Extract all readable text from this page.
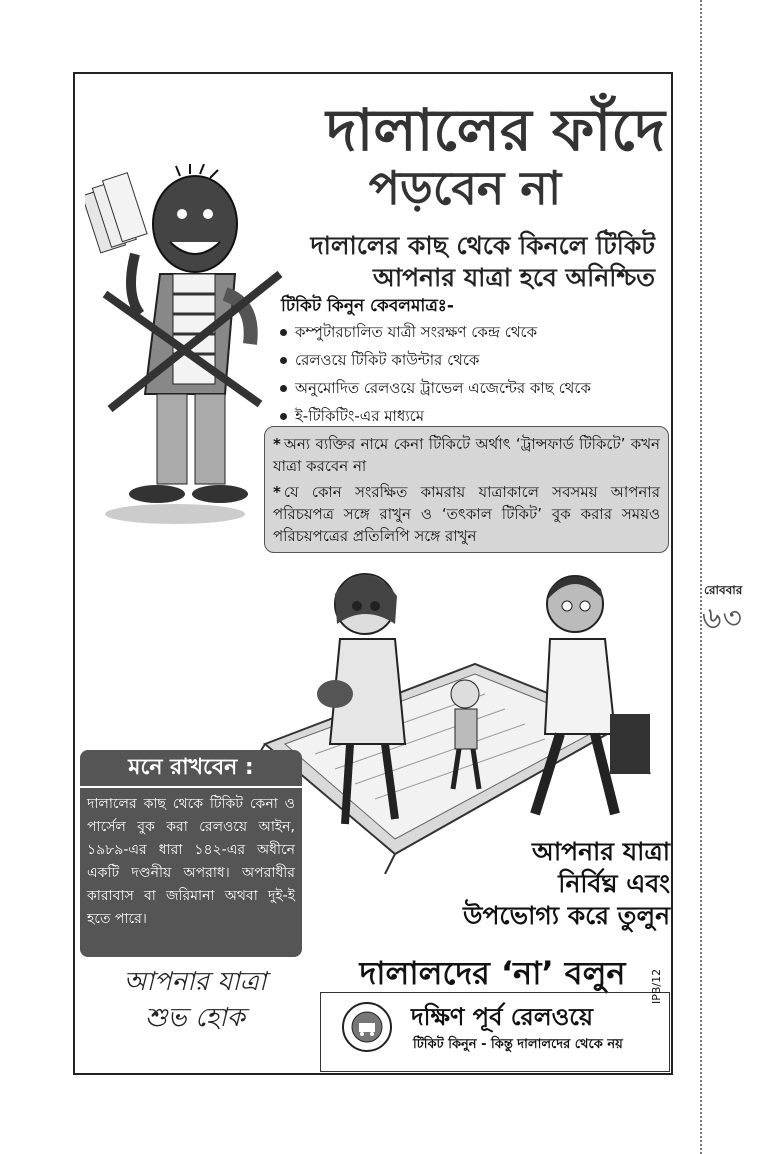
রোববার
৬৩
দালালের ফাঁদে
পড়বেন না
দালালের কাছ থেকে কিনলে টিকিট
আপনার যাত্রা হবে অনিশ্চিত
টিকিট কিনুন কেবলমাত্রঃ-
কম্পুটারচালিত যাত্রী সংরক্ষণ কেন্দ্র থেকে
রেলওয়ে টিকিট কাউন্টার থেকে
অনুমোদিত রেলওয়ে ট্রাভেল এজেন্টের কাছ থেকে
ই-টিকিটিং-এর মাধ্যমে

* অন্য ব্যক্তির নামে কেনা টিকিটে অর্থাৎ ‘ট্রান্সফার্ড টিকিটে’ কখন যাত্রা করবেন না

* যে কোন সংরক্ষিত কামরায় যাত্রাকালে সবসময় আপনার পরিচয়পত্র সঙ্গে রাখুন ও ‘তৎকাল টিকিট’ বুক করার সময়ও পরিচয়পত্রের প্রতিলিপি সঙ্গে রাখুন

মনে রাখবেন :
দালালের কাছ থেকে টিকিট কেনা ও পার্সেল বুক করা রেলওয়ে আইন, ১৯৮৯-এর ধারা ১৪২-এর অধীনে একটি দণ্ডনীয় অপরাধ। অপরাধীর কারাবাস বা জরিমানা অথবা দুই-ই হতে পারে।
আপনার যাত্রা
নির্বিঘ্ন এবং
উপভোগ্য করে তুলুন
দালালদের ‘না’ বলুন
আপনার যাত্রা
শুভ হোক	দক্ষিণ পূর্ব রেলওয়ে
টিকিট কিনুন - কিন্তু দালালদের থেকে নয়
IPB/12
